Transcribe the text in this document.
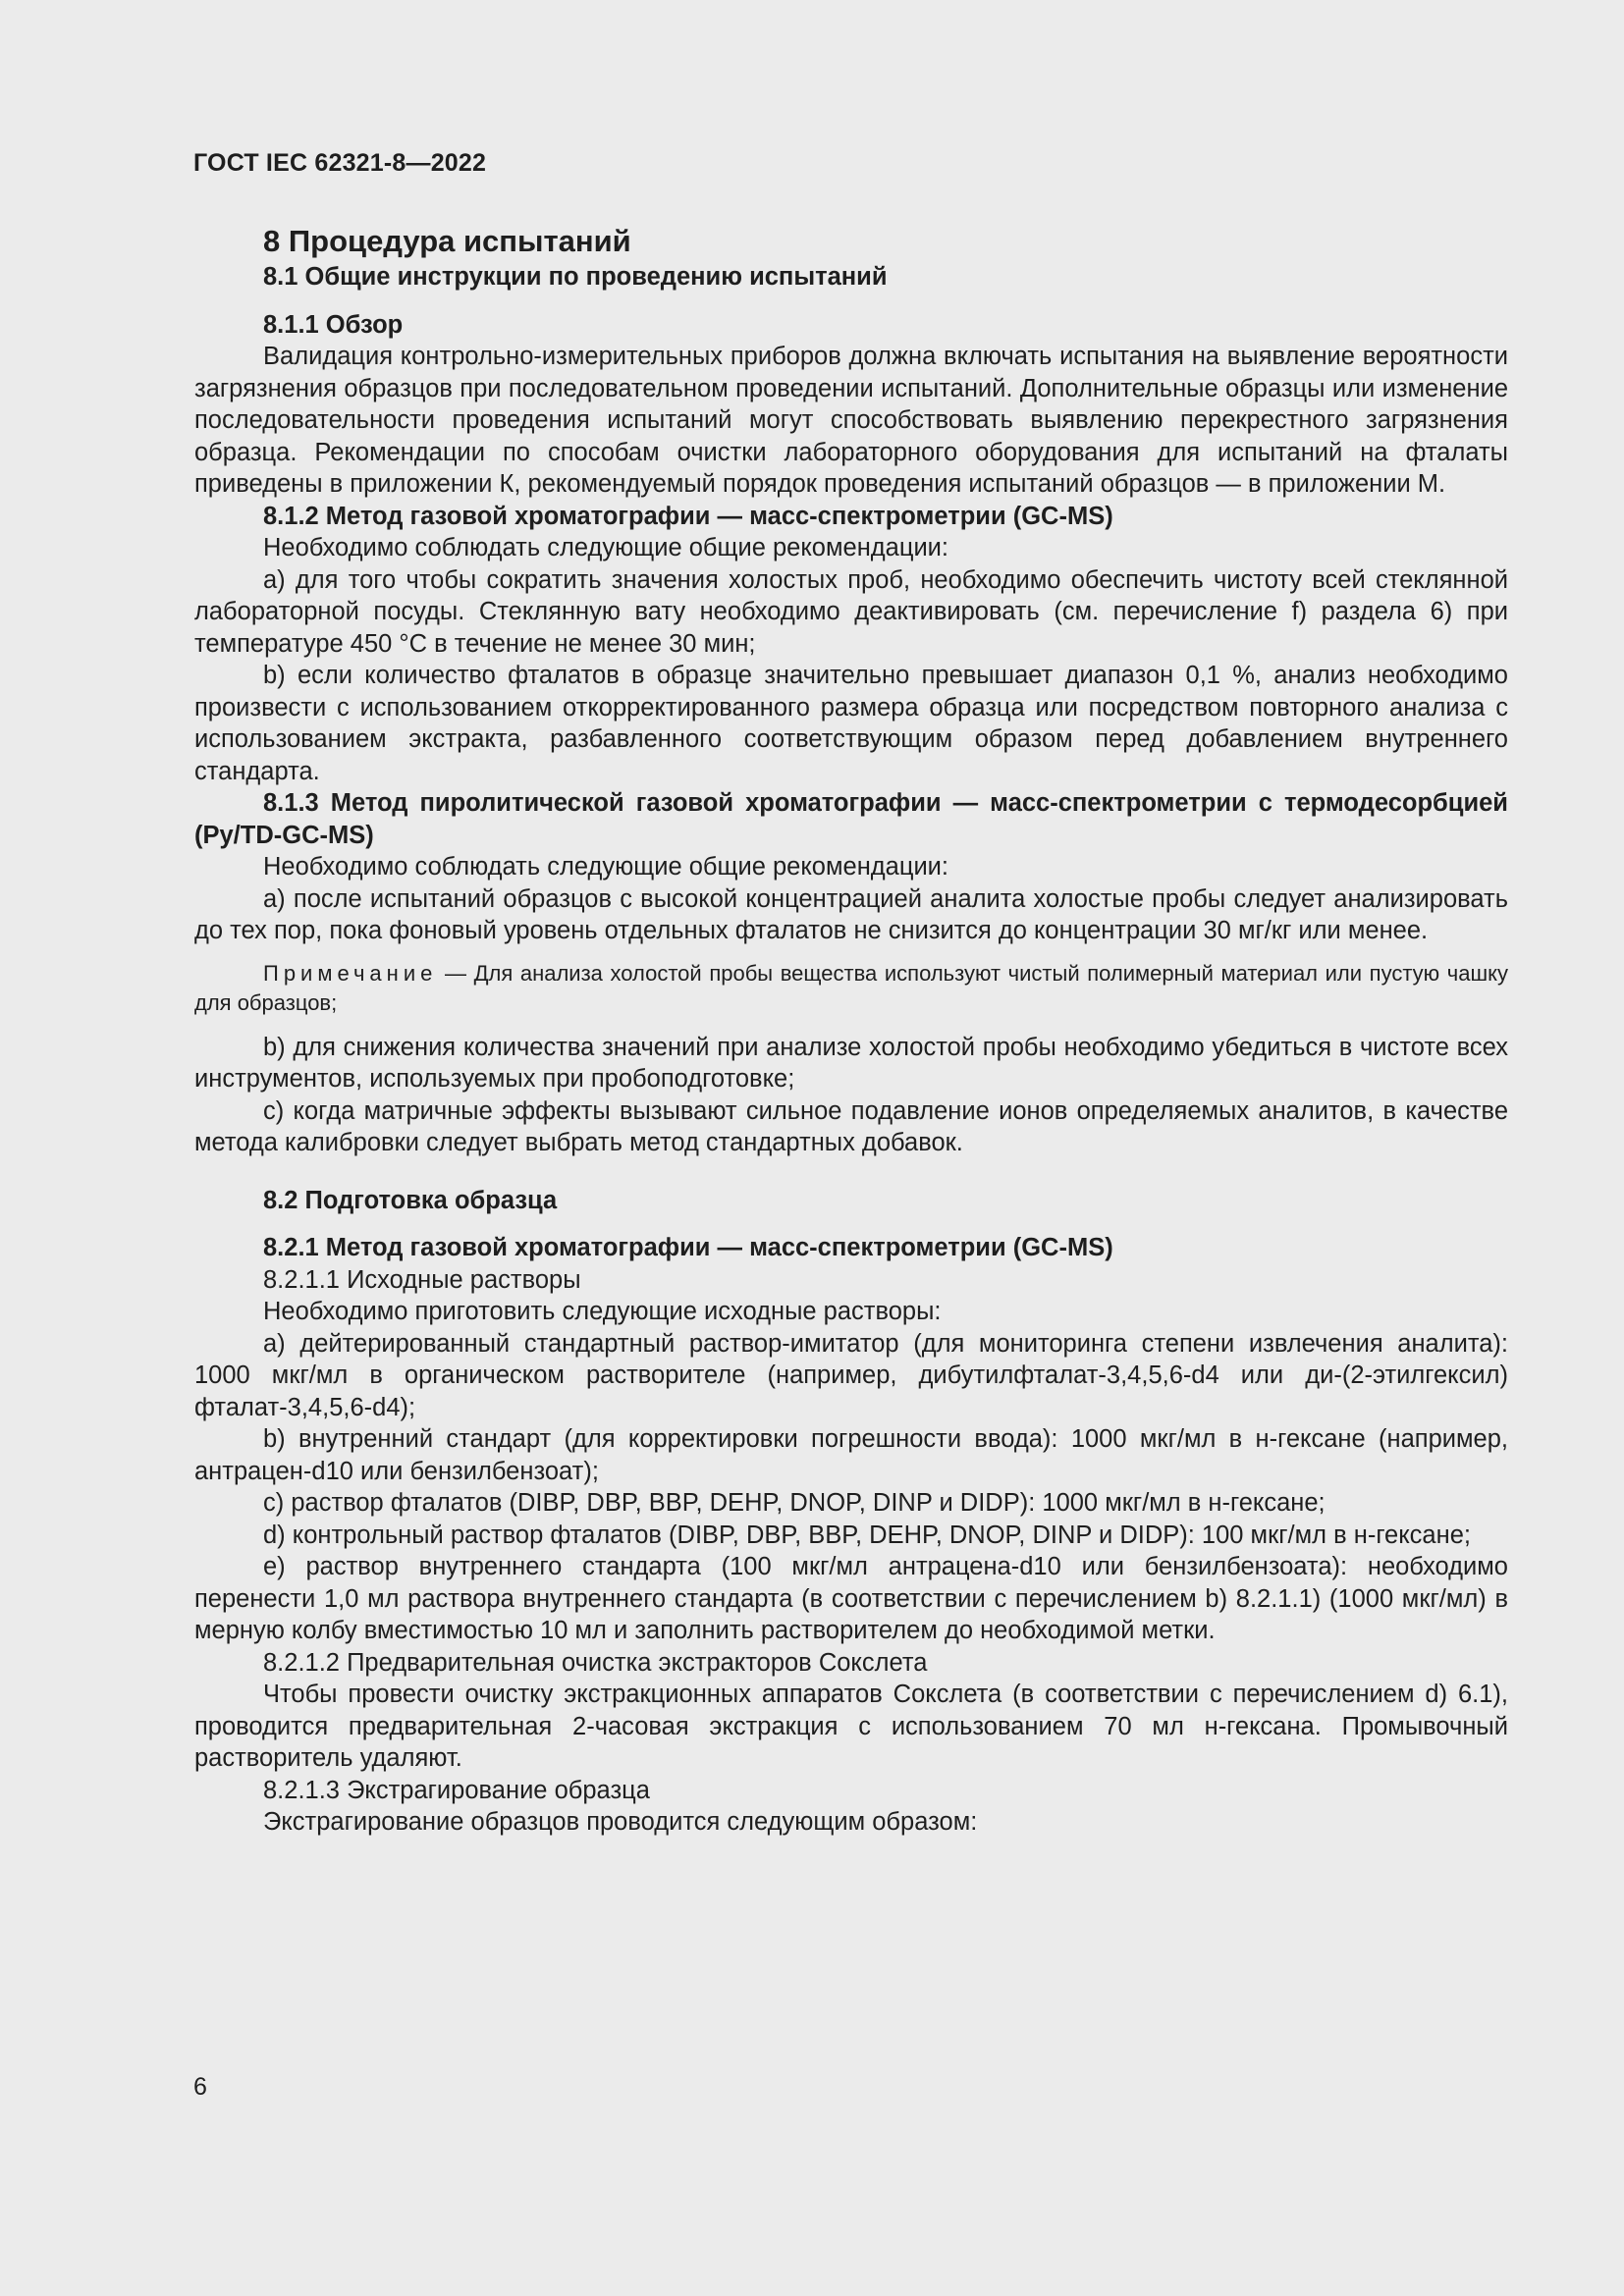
ГОСТ IEC 62321-8—2022

8 Процедура испытаний

8.1 Общие инструкции по проведению испытаний

8.1.1 Обзор

Валидация контрольно-измерительных приборов должна включать испытания на выявление вероятности загрязнения образцов при последовательном проведении испытаний. Дополнительные образцы или изменение последовательности проведения испытаний могут способствовать выявлению перекрестного загрязнения образца. Рекомендации по способам очистки лабораторного оборудования для испытаний на фталаты приведены в приложении К, рекомендуемый порядок проведения испытаний образцов — в приложении М.

8.1.2 Метод газовой хроматографии — масс-спектрометрии (GC-MS)

Необходимо соблюдать следующие общие рекомендации:

a) для того чтобы сократить значения холостых проб, необходимо обеспечить чистоту всей стеклянной лабораторной посуды. Стеклянную вату необходимо деактивировать (см. перечисление f) раздела 6) при температуре 450 °С в течение не менее 30 мин;

b) если количество фталатов в образце значительно превышает диапазон 0,1 %, анализ необходимо произвести с использованием откорректированного размера образца или посредством повторного анализа с использованием экстракта, разбавленного соответствующим образом перед добавлением внутреннего стандарта.

8.1.3 Метод пиролитической газовой хроматографии — масс-спектрометрии с термодесорбцией (Py/TD-GC-MS)

Необходимо соблюдать следующие общие рекомендации:

a) после испытаний образцов с высокой концентрацией аналита холостые пробы следует анализировать до тех пор, пока фоновый уровень отдельных фталатов не снизится до концентрации 30 мг/кг или менее.

Примечание — Для анализа холостой пробы вещества используют чистый полимерный материал или пустую чашку для образцов;

b) для снижения количества значений при анализе холостой пробы необходимо убедиться в чистоте всех инструментов, используемых при пробоподготовке;

c) когда матричные эффекты вызывают сильное подавление ионов определяемых аналитов, в качестве метода калибровки следует выбрать метод стандартных добавок.

8.2 Подготовка образца

8.2.1 Метод газовой хроматографии — масс-спектрометрии (GC-MS)

8.2.1.1 Исходные растворы

Необходимо приготовить следующие исходные растворы:

a) дейтерированный стандартный раствор-имитатор (для мониторинга степени извлечения аналита): 1000 мкг/мл в органическом растворителе (например, дибутилфталат-3,4,5,6-d4 или ди-(2-этилгексил) фталат-3,4,5,6-d4);

b) внутренний стандарт (для корректировки погрешности ввода): 1000 мкг/мл в н-гексане (например, антрацен-d10 или бензилбензоат);

c) раствор фталатов (DIBP, DBP, BBP, DEHP, DNOP, DINP и DIDP): 1000 мкг/мл в н-гексане;

d) контрольный раствор фталатов (DIBP, DBP, BBP, DEHP, DNOP, DINP и DIDP): 100 мкг/мл в н-гексане;

e) раствор внутреннего стандарта (100 мкг/мл антрацена-d10 или бензилбензоата): необходимо перенести 1,0 мл раствора внутреннего стандарта (в соответствии с перечислением b) 8.2.1.1) (1000 мкг/мл) в мерную колбу вместимостью 10 мл и заполнить растворителем до необходимой метки.

8.2.1.2 Предварительная очистка экстракторов Сокслета

Чтобы провести очистку экстракционных аппаратов Сокслета (в соответствии с перечислением d) 6.1), проводится предварительная 2-часовая экстракция с использованием 70 мл н-гексана. Промывочный растворитель удаляют.

8.2.1.3 Экстрагирование образца

Экстрагирование образцов проводится следующим образом:

6
